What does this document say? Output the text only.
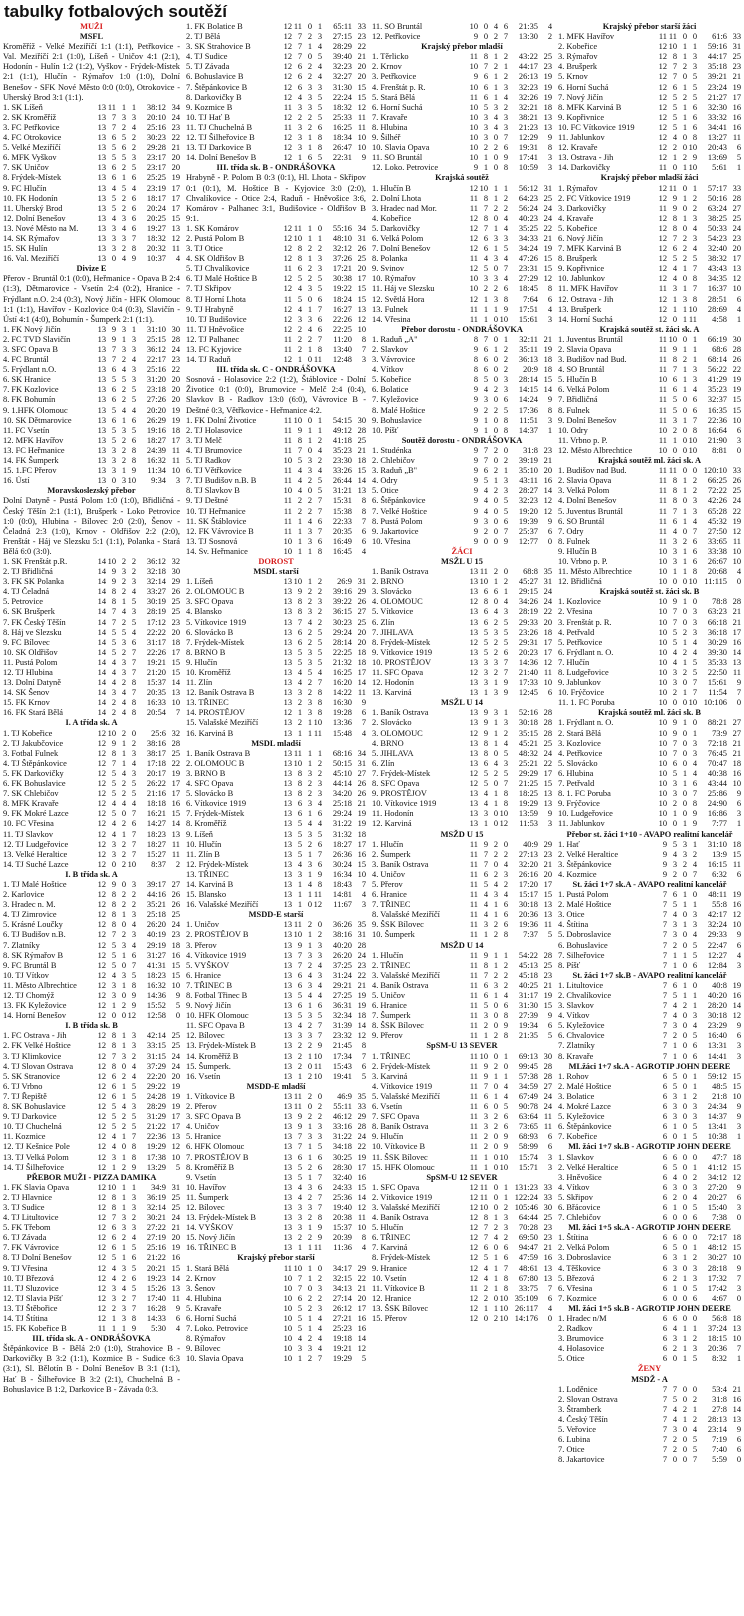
tabulky fotbalových soutěží
MUŽI
MSFL

Kroměříž - Velké Meziříčí 1:1 (1:1), Petřkovice - Val. Meziříčí 2:1 (1:0), Líšeň - Uničov 4:1 (2:1), Hodonín - Hulín 1:2 (1:2), Vyškov - Frýdek-Místek 2:1 (1:1), Hlučín - Rýmařov 1:0 (1:0), Dolní Benešov - SFK Nové Město 0:0 (0:0), Otrokovice - Uherský Brod 3:1 (1:1).

1. SK Líšeň	13 11 1 1	38:12 34
2. SK Kroměříž	13 7 3 3	20:10 24
3. FC Petřkovice	13 7 2 4	25:16 23
4. FC Otrokovice	13 6 5 2	30:23 22
5. Velké Meziříčí	13 5 6 2	29:28 21
6. MFK Vyškov	13 5 5 3	23:17 20
7. SK Uničov	13 6 2 5	23:17 20
8. Frýdek-Místek	13 6 1 6	25:25 19
9. FC Hlučín	13 4 5 4	23:19 17
10. FK Hodonín	13 5 2 6	18:17 17
11. Uherský Brod	13 5 2 6	20:24 17
12. Dolní Benešov	13 4 3 6	20:25 15
13. Nové Město na M.	13 3 4 6	19:27 13
14. SK Rýmařov	13 3 3 7	18:32 12
15. SK Hulín	13 3 2 8	20:32 11
16. Val. Meziříčí	13 0 4 9	10:37	4
Divize E

Přerov - Bruntál 0:1 (0:0), Heřmanice - Opava B 2:4 (1:3), Dětmarovice - Vsetín 2:4 (0:2), Hranice - Frýdlant n.O. 2:4 (0:3), Nový Jičín - HFK Olomouc 1:1 (1:1), Havířov - Kozlovice 0:4 (0:3), Slavičín - Ústí 4:1 (4:0), Bohumín - Šumperk 2:1 (1:1).

1. FK Nový Jičín	13 9 3 1	31:10 30
2. FC TVD Slavičín	13 9 1 3	25:15 28
3. SFC Opava B	13 7 3 3	36:12 24
4. FC Bruntál	13 7 2 4	22:17 23
5. Frýdlant n.O.	13 6 4 3	25:16 22
6. SK Hranice	13 5 5 3	31:20 20
7. FK Kozlovice	13 6 2 5	23:18 20
8. FK Bohumín	13 6 2 5	27:26 20
9. 1.HFK Olomouc	13 5 4 4	20:20 19
10. SK Dětmarovice	13 6 1 6	26:29 19
11. FC Vsetín	13 5 3 5	19:16 18
12. MFK Havířov	13 5 2 6	18:27 17
13. FC Heřmanice	13 3 2 8	24:39 11
14. FK Šumperk	13 3 2 8	16:32 11
15. 1.FC Přerov	13 3 1 9	11:34 10
16. Ústí	13 0 3 10	9:34	3
Moravskoslezský přebor

Dolní Datyně - Pustá Polom 1:0 (1:0), Břidličná - Český Těšín 2:1 (1:1), Brušperk - Loko Petrovice 1:0 (0:0), Hlubina - Bílovec 2:0 (2:0), Šenov - Čeladná 2:3 (1:0), Krnov - Oldřišov 2:2 (2:0), Frenštát - Háj ve Slezsku 5:1 (1:1), Polanka - Stará Bělá 6:0 (3:0).

1. SK Frenštát p.R.	14 10 2 2	36:12 32
2. TJ Břidličná	14 9 3 2	32:18 30
3. FK SK Polanka	14 9 2 3	32:14 29
4. TJ Čeladná	14 8 2 4	33:27 26
5. Petrovice	14 8 1 5	30:19 25
6. SK Brušperk	14 7 4 3	28:19 25
7. FK Český Těšín	14 7 2 5	17:12 23
8. Háj ve Slezsku	14 5 5 4	22:22 20
9. FC Bílovec	14 5 3 6	31:17 18
10. SK Oldřišov	14 5 2 7	22:26 17
11. Pustá Polom	14 4 3 7	19:21 15
12. TJ Hlubina	14 4 3 7	21:20 15
13. Dolní Datyně	14 4 2 8	15:37 14
14. SK Šenov	14 3 4 7	20:35 13
15. FK Krnov	14 2 4 8	16:33 10
16. FK Stará Bělá	14 2 4 8	20:54	7
I. A třída sk. A
1. TJ Kobeřice	12 10 2 0	25:6 32
2. TJ Jakubčovice	12 9 1 2	38:16 28
3. Fotbal Fulnek	12 8 1 3	38:17 25
4. TJ Štěpánkovice	12 7 1 4	17:18 22
5. FK Darkovičky	12 5 4 3	20:17 19
6. FK Bohuslavice	12 5 2 5	26:22 17
7. SK Chlebičov	12 5 2 5	21:16 17
8. MFK Kravaře	12 4 4 4	18:18 16
9. FK Mokré Lazce	12 5 0 7	16:21 15
10. FC Vřesina	12 4 2 6	14:27 14
11. TJ Slavkov	12 4 1 7	18:23 13
12. TJ Ludgeřovice	12 3 2 7	18:27 11
13. Velké Heraltice	12 3 2 7	15:27 11
14. TJ Suché Lazce	12 0 2 10	8:37	2
I. B třída sk. A
1. TJ Malé Hoštice	12 9 0 3	39:17 27
2. Karlovice	12 8 2 2	44:16 26
3. Hradec n. M.	12 8 2 2	35:21 26
4. TJ Zimrovice	12 8 1 3	25:18 25
5. Krásné Loučky	12 8 0 4	26:20 24
6. TJ Budišov n.B.	12 7 2 3	40:19 23
7. Zlatníky	12 5 3 4	29:19 18
8. SK Rýmařov B	12 5 1 6	31:27 16
9. FC Bruntál B	12 5 0 7	41:31 15
10. TJ Vítkov	12 4 3 5	18:23 15
11. Město Albrechtice	12 3 1 8	16:32 10
12. TJ Chomýž	12 3 0 9	14:36	9
13. FK Kyležovice	12 1 2 9	15:52	5
14. Horní Benešov	12 0 0 12	12:58	0
I. B třída sk. B
1. FC Ostrava - Jih	12 8 1 3	42:14 25
2. FK Velké Hoštice	12 8 1 3	33:15 25
3. TJ Klimkovice	12 7 3 2	31:15 24
4. TJ Slovan Ostrava	12 8 0 4	37:29 24
5. SK Stranovice	12 6 2 4	22:20 20
6. TJ Vrbno	12 6 1 5	29:22 19
7. TJ Řepiště	12 6 1 5	24:28 19
8. SK Bohuslavice	12 5 4 3	28:29 19
9. TJ Darkovice	12 5 2 5	31:29 17
10. TJ Chuchelná	12 5 2 5	21:22 17
11. Kozmice	12 4 1 7	22:36 13
12. TJ Kešnice Pole	12 4 0 8	19:29 12
13. TJ Velká Polom	12 3 1 8	17:38 10
14. TJ Šilheřovice	12 1 2 9	13:29	5
PŘEBOR MUŽI - PIZZA DAMIKA
1. FK Slavia Opava	12 10 1 1	34:9 31
2. TJ Hlavnice	12 8 1 3	36:19 25
3. TJ Sudice	12 8 1 3	32:14 25
4. TJ Litultovice	12 7 3 2	30:21 24
5. FK Třebom	12 6 3 3	27:22 21
6. TJ Závada	12 6 2 4	27:19 20
7. FK Vávrovice	12 6 1 5	25:16 19
8. TJ Dolní Benešov	12 5 1 6	21:22 16
9. TJ Vřesina	12 4 3 5	20:21 15
10. TJ Březová	12 4 2 6	19:23 14
11. TJ Sluzovice	12 3 4 5	15:26 13
12. TJ Slavia Píšť	12 3 2 7	17:40 11
13. TJ Štěbořice	12 2 3 7	16:28	9
14. TJ Štítina	12 1 3 8	14:33	6
15. FK Kobeřice B	11 1 1 9	5:30	4
III. třída sk. A - ONDRÁŠOVKA

Štěpánkovice B - Bělá 2:0 (1:0), Strahovice B - Darkovičky B 3:2 (1:1), Kozmice B - Sudice 6:3 (3:1), Sl. Bělotín B - Dolní Benešov B 3:1 (1:1), Hať B - Šilheřovice B 3:2 (2:1), Chuchelná B - Bohuslavice B 1:2, Darkovice B - Závada 0:3.

1. FK Bolatice B	12 11 0 1	65:11 33
2. TJ Bělá	12 7 2 3	27:15 23
3. SK Strahovice B	12 7 1 4	28:29 22
4. TJ Sudice	12 7 0 5	39:40 21
5. TJ Závada	12 6 2 4	32:23 20
6. Bohuslavice B	12 6 2 4	32:27 20
7. Štěpánkovice B	12 6 3 3	31:30 15
8. Darkovičky B	12 4 3 5	22:24 15
9. Kozmice B	11 3 3 5	18:32 12
10. TJ Hať B	12 2 2 5	25:33 11
11. TJ Chuchelná B	11 3 2 6	16:25 11
12. TJ Šilheřovice B	12 3 1 8	18:34 10
13. TJ Darkovice B	12 3 1 8	26:47 10
14. Dolní Benešov B	12 1 6 5	22:31	9
III. třída sk. B - ONDRÁŠOVKA

Hrabyně - P. Polom B 0:3 (0:1), Hl. Lhota - Skřipov 0:1 (0:1), M. Hoštice B - Kyjovice 3:0 (2:0), Chvalíkovice - Otice 2:4, Raduň - Hněvošice 3:6, Komárov - Palhanec 3:1, Budišovice - Oldřišov B 9:1.

1. SK Komárov	12 11 1 0	55:16 34
2. Pustá Polom B	12 10 1 1	48:10 31
3. TJ Otice	12 8 2 2	32:12 26
4. SK Oldřišov B	12 8 1 3	37:26 25
5. TJ Chvalíkovice	11 6 2 3	17:21 20
6. TJ Malé Hoštice B	12 5 2 5	30:38 17
7. TJ Skřipov	12 4 3 5	19:22 15
8. TJ Horní Lhota	11 5 0 6	18:24 15
9. TJ Hrabyně	12 4 1 7	16:27 13
10. TJ Budišovice	12 3 3 6	22:26 12
11. TJ Hněvošice	12 2 4 6	22:25 10
12. TJ Palhanec	11 2 2 7	11:20	8
13. FC Kyjovice	11 2 1 8	13:40	7
14. TJ Raduň	12 1 0 11	12:48	3
III. třída sk. C - ONDRÁŠOVKA

Sosnová - Holasovice 2:2 (1:2), Štáblovice - Dolní Životice 0:1 (0:0), Brumovice - Melč 2:4 (0:4), Slavkov B - Radkov 13:0 (6:0), Vávrovice B - Deštné 0:3, Větřkovice - Heřmanice 4:2.

1. FK Dolní Životice	11 10 0 1	54:15 30
2. TJ Holasovice	11 9 1 1	49:12 28
3. TJ Melč	11 8 1 2	41:18 25
4. TJ Brumovice	11 7 0 4	35:23 21
5. TJ Radkov	10 5 3 2	23:30 18
6. TJ Větřkovice	11 4 3 4	33:26 15
7. TJ Budišov n.B. B	11 4 2 5	26:44 14
8. TJ Slavkov B	10 4 0 5	31:21 13
9. TJ Deštné	11 2 2 7	15:31	8
10. TJ Heřmanice	11 2 2 7	15:38	8
11. SK Štáblovice	11 1 4 6	22:33	7
12. FK Vávrovice B	11 1 3 7	20:35	6
13. TJ Sosnová	10 1 3 6	16:49	6
14. Sv. Heřmanice	10 1 1 8	16:45	4
DOROST
MSDL starší
1. Líšeň	13 10 1 2	26:9 31
2. OLOMOUC B	13 9 2 2	39:16 29
3. SFC Opava	13 8 2 3	39:22 26
4. Blansko	13 8 3 2	36:15 27
5. Vítkovice 1919	13 7 4 2	30:23 25
6. Slovácko B	13 6 2 5	29:24 20
7. Frýdek-Místek	13 6 2 5	28:14 20
8. BRNO B	13 5 3 5	22:25 18
9. Hlučín	13 5 3 5	21:32 18
10. Kroměříž	13 4 5 4	16:25 17
11. Zlín	13 4 2 7	16:20 14
12. Baník Ostrava B	13 3 2 8	14:22 11
13. TŘINEC	13 2 3 8	16:30	9
14. PROSTĚJOV	12 1 3 8	19:28	6
15. Valašské Meziříčí	13 2 1 10	13:36	7
16. Karviná B	13 1 1 11	15:48	4
MSDL mladší
1. Baník Ostrava B	13 11 1 1	68:16 34
2. OLOMOUC B	13 10 1 2	50:15 31
3. BRNO B	13 8 3 2	45:10 27
4. SFC Opava	13 8 2 3	44:14 26
5. Slovácko B	13 8 2 3	34:20 26
6. Vítkovice 1919	13 6 3 4	25:18 21
7. Frýdek-Místek	13 6 1 6	29:24 19
8. Kroměříž	13 5 4 4	31:22 19
9. Líšeň	13 5 3 5	31:32 18
10. Hlučín	13 5 2 6	18:27 17
11. Zlín B	13 5 1 7	26:36 16
12. Frýdek-Místek	13 4 3 6	30:24 15
13. TŘINEC	13 3 1 9	16:34 10
14. Karviná B	13 1 4 8	18:43	7
15. Blansko	13 1 1 11	14:81	4
16. Valašské Meziříčí	13 1 0 12	11:67	3
MSDD-E starší
1. Uničov	13 11 2 0	36:26 35
2. PROSTĚJOV B	13 10 1 2	38:16 31
3. Přerov	13 9 1 3	40:20 28
4. Vítkovice 1919	13 7 3 3	26:20 24
5. VYŠKOV	13 7 2 4	37:25 23
6. Hranice	13 6 4 3	31:24 22
7. TŘINEC B	13 6 3 4	29:21 21
8. Fotbal Třinec B	13 5 4 4	27:25 19
9. Nový Jičín	13 6 1 6	36:31 19
10. HFK Olomouc	13 5 3 5	32:34 18
11. SFC Opava B	13 4 2 7	31:39 14
12. Bílovec	13 3 3 7	23:32 12
13. Frýdek-Místek B	13 2 2 9	21:45	8
14. Kroměříž B	13 2 1 10	17:34	7
15. Šumperk.	13 2 0 11	15:43	6
16. Vsetín	13 1 2 10	19:41	5
MSDD-E mladší
1. Vítkovice B	13 11 2 0	46:9 35
2. Přerov	13 11 0 2	55:11 33
3. SFC Opava B	13 9 2 2	46:12 29
4. Uničov	13 9 1 3	33:16 28
5. Hranice	13 7 3 3	31:22 24
6. HFK Olomouc	13 7 1 5	34:18 22
7. PROSTĚJOV B	13 6 1 6	30:25 19
8. Kroměříž B	13 5 2 6	28:30 17
9. Vsetín	13 5 1 7	32:40 16
10. Havířov	13 4 3 6	24:33 15
11. Šumperk	13 4 2 7	25:36 14
12. Bílovec	13 3 3 7	19:40 12
13. Frýdek-Místek B	13 3 2 8	20:38 11
14. VYŠKOV	13 3 1 9	15:37 10
15. Nový Jičín	13 2 2 9	20:39	8
16. TŘINEC B	13 1 1 11	11:36	4
Krajský přebor starší
1. Stará Bělá	11 10 1 0	34:17 29
2. Krnov	10 7 1 2	32:15 22
3. Šenov	10 7 0 3	34:13 21
4. Hlubina	10 6 2 2	27:14 20
5. Kravaře	10 5 2 3	26:12 17
6. Horní Suchá	10 5 1 4	27:21 16
7. Loko. Petrovice	10 5 1 4	25:23 16
8. Rýmařov	10 4 2 4	19:18 14
9. Bílovec	10 3 3 4	19:21 12
10. Slavia Opava	10 1 2 7	19:29	5
11. SO Bruntál	10 0 4 6	21:35	4
12. Petřkovice	9 0 2 7	13:30	2
Krajský přebor mladší
1. Těrlicko	11 8 1 2	43:22 25
2. Krnov	10 7 2 1	44:17 23
3. Petřkovice	9 6 1 2	26:13 19
4. Frenštát p. R.	10 6 1 3	32:23 19
5. Stará Bělá	11 6 1 4	32:26 19
6. Horní Suchá	10 5 3 2	32:21 18
7. Kravaře	10 3 4 3	38:21 13
8. Hlubina	10 3 4 3	21:23 13
9. Šilhéř	10 3 0 7	12:29	9
10. Slavia Opava	10 2 2 6	19:31	8
11. SO Bruntál	10 1 0 9	17:41	3
12. Loko. Petrovice	9 1 0 8	10:59	3
Krajská soutěž
1. Hlučín B	12 10 1 1	56:12 31
2. Dolní Lhota	11 8 1 2	64:23 25
3. Hradec nad Mor.	11 7 2 2	56:24 24
4. Kobeřice	12 8 0 4	40:23 24
5. Darkovičky	12 7 1 4	35:25 22
6. Velká Polom	12 6 3 3	34:33 21
7. Dolní Benešov	12 6 1 5	34:24 19
8. Polanka	11 4 3 4	47:26 15
9. Svinov	12 5 0 7	23:31 15
10. Rýmařov	10 3 3 4	27:29 12
11. Háj ve Slezsku	10 2 2 6	18:45	8
12. Světlá Hora	12 1 3 8	7:64	6
13. Fulnek	11 1 1 9	17:51	4
14. Vřesina	11 1 0 10	15:61	3
Přebor dorostu - ONDRÁŠOVKA
1. Raduň „A"	8 7 0 1	32:11 21
2. Slavkov	9 6 1 2	35:11 19
3. Vávrovice	8 6 0 2	36:13 18
4. Vítkov	8 6 0 2	20:9 18
5. Kobeřice	8 5 0 3	28:14 15
6. Bolatice	9 4 2 3	14:15 14
7. Kyležovice	9 3 0 6	14:24	9
8. Malé Hoštice	9 2 2 5	17:36	8
9. Bohuslavice	9 1 0 8	11:51	3
10. Píšť	9 1 0 8	14:37	1
Soutěž dorostu - ONDRÁŠOVKA
1. Studénka	9 7 2 0	31:8 23
2. Chlebičov	9 7 0 2	39:19 21
3. Raduň „B"	9 6 2 1	35:10 20
4. Odry	9 5 1 3	43:11 16
5. Otice	9 4 2 3	28:27 14
6. Štěpánkovice	9 4 0 5	32:23 12
7. Velké Hoštice	9 4 0 5	19:20 12
8. Pustá Polom	9 3 0 6	19:39	9
9. Jakartovice	9 2 0 7	25:37	6
10. Vřesina	9 0 0 9	12:77	0
ŽÁCI
MSŽL U 15
1. Baník Ostrava	13 11 2 0	68:8 35
2. BRNO	13 10 1 2	45:27 31
3. Slovácko	13 6 6 1	29:15 24
4. OLOMOUC	12 8 0 4	34:26 24
5. Vítkovice	13 6 4 3	28:19 22
6. Zlín	13 6 2 5	29:33 20
7. JIHLAVA	13 5 3 5	23:26 18
8. Frýdek-Místek	12 5 2 5	29:31 17
9. Vítkovice 1919	13 5 2 6	20:23 17
10. PROSTĚJOV	13 3 3 7	14:36 12
11. SFC Opava	12 3 2 7	21:40 11
12. Hodonín	13 3 1 9	17:33 10
13. Karviná	13 1 3 9	12:45	6
MSŽL U 14
1. Baník Ostrava	13 9 3 1	52:16 28
2. Slovácko	13 9 1 3	30:18 28
3. OLOMOUC	12 9 1 2	35:15 28
4. BRNO	13 8 1 4	45:21 25
5. JIHLAVA	13 8 0 5	48:32 24
6. Zlín	13 6 4 3	25:21 22
7. Frýdek-Místek	12 5 2 5	29:29 17
8. SFC Opava	12 5 0 7	21:25 15
9. PROSTĚJOV	13 4 1 8	18:25 13
10. Vítkovice 1919	13 4 1 8	19:29 13
11. Hodonín	13 3 0 10	13:59	9
12. Karviná	13 1 0 12	11:53	3
MSŽD U 15
1. Hlučín	11 9 2 0	40:9 29
2. Šumperk	11 7 2 2	27:13 23
3. Baník Ostrava	11 7 0 4	32:20 21
4. Uničov	11 6 2 3	26:16 20
5. Přerov	11 5 4 2	17:20 17
6. Hranice	11 4 3 4	15:17 15
7. TŘINEC	11 4 1 6	30:18 13
8. Valašské Meziříčí	11 4 1 6	20:36 13
9. ŠSK Bílovec	11 3 2 6	19:36 11
10. Šumperk	11 1 2 8	7:37	5
MSŽD U 14
1. Hlučín	11 9 1 1	54:22 28
2. TŘINEC	11 8 1 2	45:13 25
3. Valašské Meziříčí	11 7 2 2	45:18 23
4. Baník Ostrava	11 6 3 2	40:25 21
5. Uničov	11 6 1 4	31:17 19
6. Hranice	11 5 0 6	31:30 15
7. Šumperk	11 3 0 8	27:39	9
8. ŠSK Bílovec	11 2 0 9	19:34	6
9. Přerov	11 1 2 8	21:35	5
SpSM-U 13 SEVER
1. TŘINEC	11 10 0 1	69:13 30
2. Frýdek-Místek	11 9 2 0	99:45 28
3. Karviná	11 9 1 1	57:38 28
4. Vítkovice 1919	11 7 0 4	34:59 27
5. Valašské Meziříčí	11 6 1 4	67:49 24
6. Vsetín	11 6 0 5	90:78 24
7. SFC Opava	11 3 2 6	63:64 11
8. Baník Ostrava	11 3 2 6	73:65 11
9. Hlučín	11 2 0 9	68:93	6
10. Vítkovice B	11 2 0 9	58:99	6
11. ŠSK Bílovec	11 1 0 10	15:74	3
15. HFK Olomouc	11 1 0 10	15:71	3
SpSM-U 12 SEVER
1. SFC Opava	12 11 0 1 131:23 33
2. Vítkovice 1919	12 11 0 1 122:24 33
3. Valašské Meziříčí	12 10 0 2 105:46 30
4. Baník Ostrava	12 8 1 3	64:44 25
5. Hlučín	12 7 2 3	70:28 23
6. TŘINEC	12 7 4 2	69:50 23
7. Karviná	12 6 0 6	94:47 21
8. Frýdek-Místek	12 5 1 6	47:59 16
9. Hranice	12 4 1 7	48:61 13
10. Vsetín	12 4 1 8	67:80 13
11. Vítkovice B	11 2 1 8	33:75	7
12. Hranice	12 2 0 10 35:109	6
13. ŠSK Bílovec	12 1 1 10 26:117	4
15. Přerov	12 0 2 10 14:176	0
Krajský přebor starší žáci
1. MFK Havířov	11 11 0 0	61:6 33
2. Kobeřice	12 10 1 1	59:16 31
3. Rýmařov	12 8 1 3	44:17 25
4. Brušperk	12 7 2 3	35:18 23
5. Krnov	12 7 0 5	39:21 21
6. Horní Suchá	12 6 1 5	23:24 19
7. Nový Jičín	12 5 2 5	21:27 17
8. MFK Karviná B	12 5 1 6	32:30 16
9. Kopřivnice	12 5 1 6	33:32 16
10. FC Vítkovice 1919	12 5 1 6	34:41 16
11. Jablunkov	12 4 0 8	13:27 11
12. Kravaře	12 2 0 10	20:43	6
13. Ostrava - Jih	12 1 2 9	13:69	5
14. Darkovičky	11 0 1 10	5:61	1
Krajský přebor mladší žáci
1. Rýmařov	12 11 0 1	57:17 33
2. FC Vítkovice 1919	12 9 1 2	50:16 28
3. Darkovičky	11 9 0 2	63:24 27
4. Kravaře	12 8 1 3	38:25 25
5. Kobeřice	12 8 0 4	50:33 24
6. Nový Jičín	12 7 2 3	54:23 23
7. MFK Karviná B	12 6 2 4	32:40 20
8. Brušperk	12 5 2 5	38:32 17
9. Kopřivnice	12 4 1 7	43:43 13
10. Jablunkov	12 4 0 8	34:35 12
11. MFK Havířov	11 3 1 7	16:37 10
12. Ostrava - Jih	12 1 3 8	28:51	6
13. Brušperk	12 1 1 10	28:69	4
14. Horní Suchá	12 0 1 11	4:58	1
Krajská soutěž st. žáci sk. A
1. Juventus Bruntál	11 10 0 1	66:19 30
2. Slavia Opava	11 9 1 1	68:6 28
3. Budišov nad Bud.	11 8 2 1	68:14 26
4. SO Bruntál	11 7 1 3	56:22 22
5. Hlučín B	10 6 1 3	41:29 19
6. Velká Polom	11 6 1 4	35:23 19
7. Břidličná	11 5 0 6	32:37 15
8. Fulnek	11 5 0 6	16:35 15
9. Dolní Benešov	11 3 1 7	22:36 10
10. Odry	10 2 0 8	16:64	6
11. Vrbno p. P.	11 1 0 10	21:90	3
12. Město Albrechtice	10 0 0 10	8:81	0
Krajská soutěž ml. žáci sk. A
1. Budišov nad Bud.	11 11 0 0 120:10 33
2. Slavia Opava	11 8 1 2	66:25 26
3. Velká Polom	11 8 1 2	72:22 25
4. Dolní Benešov	11 8 0 3	42:26 24
5. Juventus Bruntál	11 7 1 3	65:28 22
6. SO Bruntál	11 6 1 4	45:32 19
7. Odry	11 4 0 7	27:50 12
8. Fulnek	11 3 2 6	33:65 11
9. Hlučín B	10 3 1 6	33:38 10
10. Vrbno p. P.	10 3 1 6	26:67 10
11. Město Albrechtice	10 1 1 8	20:68	4
12. Břidličná	10 0 0 10 11:115	0
Krajská soutěž st. žáci sk. B
1. Kozlovice	10 9 1 0	78:8 28
2. Vřesina	10 7 0 3	63:23 21
3. Frenštát p. R.	10 7 0 3	66:18 21
4. Petřvald	10 5 2 3	36:18 17
5. Petřkovice	10 5 1 4	30:29 16
6. Frýdlant n. O.	10 4 2 4	39:30 14
7. Hlučín	10 4 1 5	35:33 13
8. Ludgeřovice	10 3 2 5	22:50 11
9. Jablunkov	10 3 0 7	15:61	9
10. Frýčovice	10 2 1 7	11:54	7
11. 1. FC Poruba	10 0 0 10 10:106	0
Krajská soutěž ml. žáci sk. B
1. Frýdlant n. O.	10 9 1 0	88:21 27
2. Stará Bělá	10 9 0 1	73:9 27
3. Kozlovice	10 7 0 3	72:18 21
4. Petřkovice	10 7 0 3	76:45 21
5. Slovácko	10 6 0 4	70:47 18
6. Hlubina	10 5 1 4	40:38 16
7. Petřvald	10 3 1 6	43:44 10
8. 1. FC Poruba	10 3 0 7	25:86	9
9. Frýčovice	10 2 0 8	24:90	6
10. Ludgeřovice	10 1 0 9	16:86	3
11. Jablunkov	10 0 1 9	7:77	1
Přebor st. žáci 1+10 - AVAPO realitní kancelář
1. Hať	9 5 3 1	31:10 18
2. Velké Heraltice	9 4 3 2	13:9 15
3. Štěpánkovice	9 3 2 4	16:15 11
4. Kozmice	9 2 0 7	6:32	6
St. žáci 1+7 sk.A - AVAPO realitní kancelář
1. Pustá Polom	7 6 1 0	48:11 19
2. Malé Hoštice	7 5 1 1	55:8 16
3. Otice	7 4 0 3	42:17 12
4. Štítina	7 3 1 3	32:24 10
5. Dobroslavice	7 3 0 4	29:33	9
6. Bohuslavice	7 2 0 5	22:47	6
7. Silheřovice	7 1 1 5	12:27	4
8. Píšť	7 1 0 6	12:84	3
St. žáci 1+7 sk.B - AVAPO realitní kancelář
1. Litultovice	7 6 1 0	40:8 19
2. Chvalíkovice	7 5 1 1	40:20 16
3. Slavkov	7 4 2 1	28:20 14
4. Vítkov	7 4 0 3	30:18 12
5. Kyležovice	7 3 0 4	23:29	9
6. Chvalovice	7 2 0 5	16:40	6
7. Zlatníky	7 1 0 6	13:31	3
8. Kravaře	7 1 0 6	14:41	3
MLžáci 1+7 sk.A - AGROTIP JOHN DEERE
1. Rohov	6 5 0 1	59:12 15
2. Malé Hoštice	6 5 0 1	48:5 15
3. Bolatice	6 3 1 2	21:8 10
4. Mokré Lazce	6 3 0 3	24:34	9
5. Kyležovice	6 3 0 3	14:37	9
6. Štěpánkovice	6 1 0 5	13:41	3
7. Kobeřice	6 0 1 5	10:38	1
Ml. žáci 1+7 sk.B - AGROTIP JOHN DEERE
1. Slavkov	6 6 0 0	47:7 18
2. Velké Heraltice	6 5 0 1	41:12 15
3. Hněvošice	6 4 0 2	34:12 12
4. Vítkov	6 3 0 3	27:20	9
5. Skřipov	6 2 0 4	20:27	6
6. Břácovice	6 1 0 5	15:40	3
7. Chlebičov	6 0 0 6	7:38	0
Ml. žáci 1+5 sk.A - AGROTIP JOHN DEERE
1. Štítina	6 6 0 0	72:17 18
2. Velká Polom	6 5 0 1	48:12 15
3. Dobroslavice	6 3 1 2	30:27 10
4. Těškovice	6 3 0 3	28:18	9
5. Březová	6 2 1 3	17:32	7
6. Vřesina	6 1 0 5	17:42	3
7. Kozmice	6 0 0 6	4:67	0
Ml. žáci 1+5 sk.B - AGROTIP JOHN DEERE
1. Hradec n/M	6 6 0 0	56:8 18
2. Radkov	6 4 1 1	37:24 13
3. Brumovice	6 3 1 2	18:15 10
4. Holasovice	6 2 1 3	20:36	7
5. Otice	6 0 1 5	8:32	1
ŽENY
MSDŽ - A
1. Loděnice	7 7 0 0	53:4 21
2. Slovan Ostrava	7 5 0 2	31:8 16
3. Štramberk	7 4 2 1	27:8 14
4. Český Těšín	7 4 1 2	28:13 13
5. Veřovice	7 3 0 4	23:14	9
6. Lubina	7 2 0 5	7:19	6
7. Otice	7 2 0 5	7:40	6
8. Jakartovice	7 0 0 7	5:59	0
